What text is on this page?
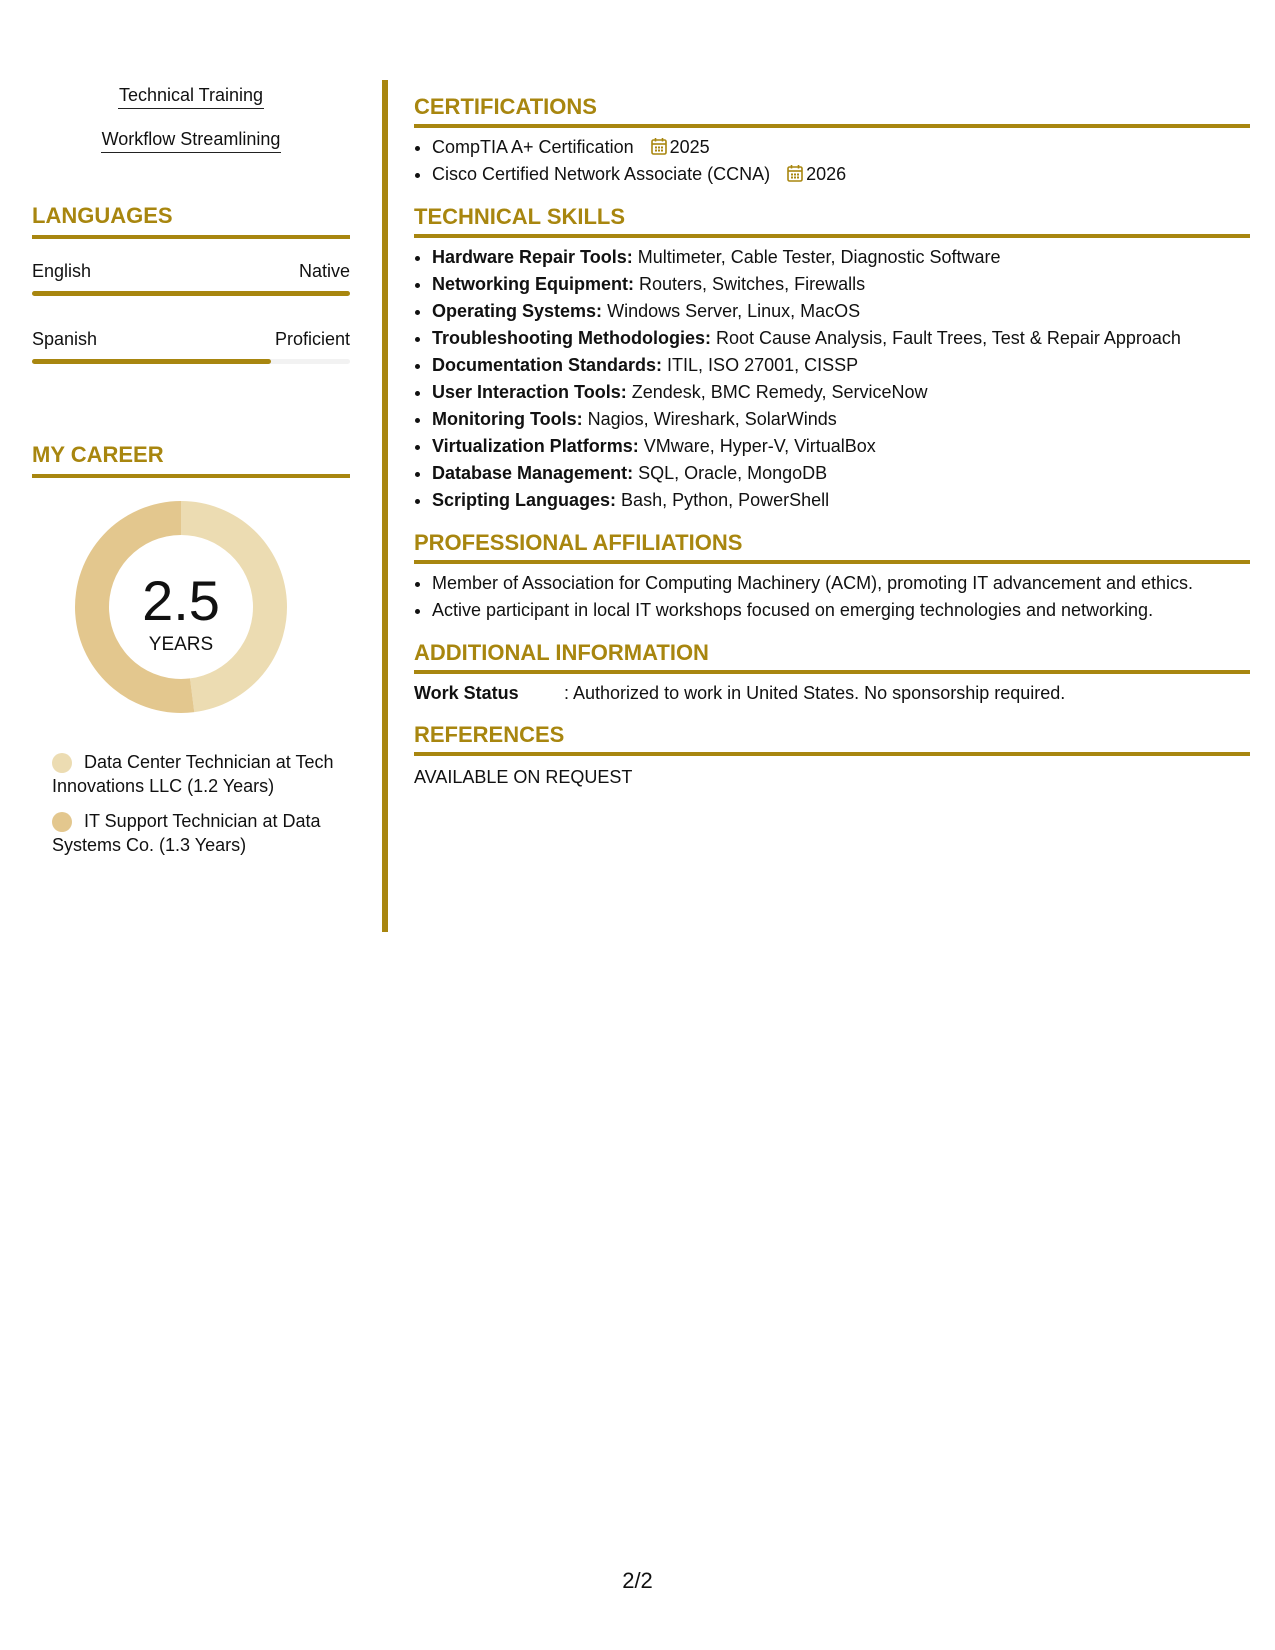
Technical Training
Workflow Streamlining
LANGUAGES
English	Native
Spanish	Proficient
MY CAREER
2.5
YEARS
Data Center Technician at Tech Innovations LLC (1.2 Years)
IT Support Technician at Data Systems Co. (1.3 Years)
CERTIFICATIONS
• CompTIA A+ Certification 2025
• Cisco Certified Network Associate (CCNA) 2026
TECHNICAL SKILLS
• Hardware Repair Tools: Multimeter, Cable Tester, Diagnostic Software
• Networking Equipment: Routers, Switches, Firewalls
• Operating Systems: Windows Server, Linux, MacOS
• Troubleshooting Methodologies: Root Cause Analysis, Fault Trees, Test & Repair Approach
• Documentation Standards: ITIL, ISO 27001, CISSP
• User Interaction Tools: Zendesk, BMC Remedy, ServiceNow
• Monitoring Tools: Nagios, Wireshark, SolarWinds
• Virtualization Platforms: VMware, Hyper-V, VirtualBox
• Database Management: SQL, Oracle, MongoDB
• Scripting Languages: Bash, Python, PowerShell
PROFESSIONAL AFFILIATIONS
• Member of Association for Computing Machinery (ACM), promoting IT advancement and ethics.
• Active participant in local IT workshops focused on emerging technologies and networking.
ADDITIONAL INFORMATION
Work Status	: Authorized to work in United States. No sponsorship required.
REFERENCES
AVAILABLE ON REQUEST
2/2
